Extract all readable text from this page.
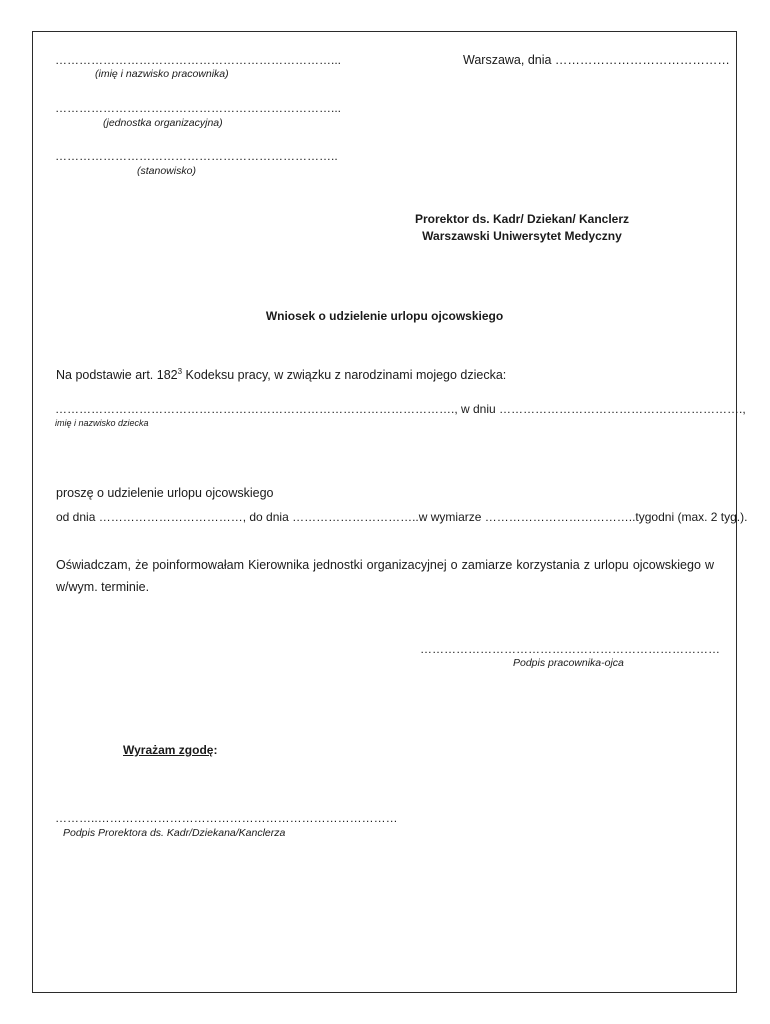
……………………………………………………………...
(imię i nazwisko pracownika)
……………………………………………………………...
(jednostka organizacyjna)
……………………………………………………………..
(stanowisko)
Warszawa, dnia ……………………………………
Prorektor ds. Kadr/ Dziekan/ Kanclerz
Warszawski Uniwersytet Medyczny
Wniosek o udzielenie urlopu ojcowskiego
Na podstawie art. $182^3$ Kodeksu pracy, w związku z narodzinami mojego dziecka:
………………………………………………………………………………………., w dniu …………………………………………………….,
imię i nazwisko dziecka
proszę o udzielenie urlopu ojcowskiego
od dnia ………………………………, do dnia …………………………..w wymiarze ………………………………..tygodni (max. 2 tyg.).
Oświadczam, że poinformowałam Kierownika jednostki organizacyjnej o zamiarze korzystania z urlopu ojcowskiego w w/wym. terminie.
…………………………………………………………………
Podpis pracownika-ojca
Wyrażam zgodę:
………..…………………………………………………………………
Podpis Prorektora ds. Kadr/Dziekana/Kanclerza
